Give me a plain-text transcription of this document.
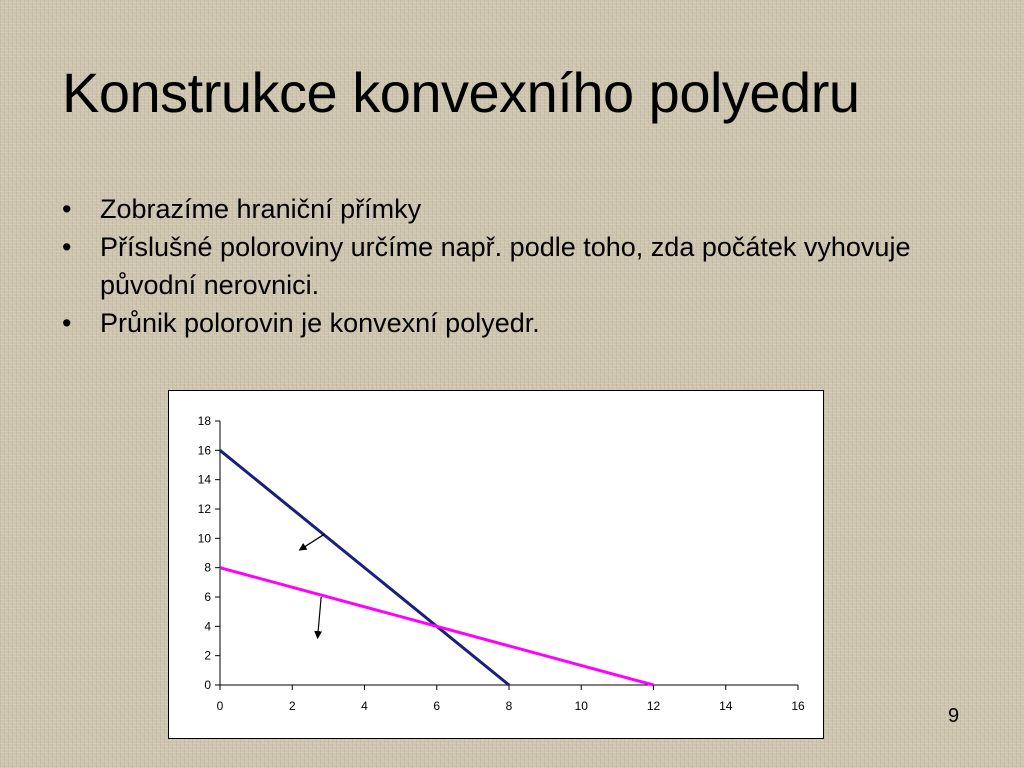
Konstrukce konvexního polyedru
• Zobrazíme hraniční přímky
• Příslušné poloroviny určíme např. podle toho, zda počátek vyhovuje původní nerovnici.
• Průnik polorovin je konvexní polyedr.
0
2
4
6
8
10
12
14
16
18
0	2	4	6	8	10	12	14	16	9
